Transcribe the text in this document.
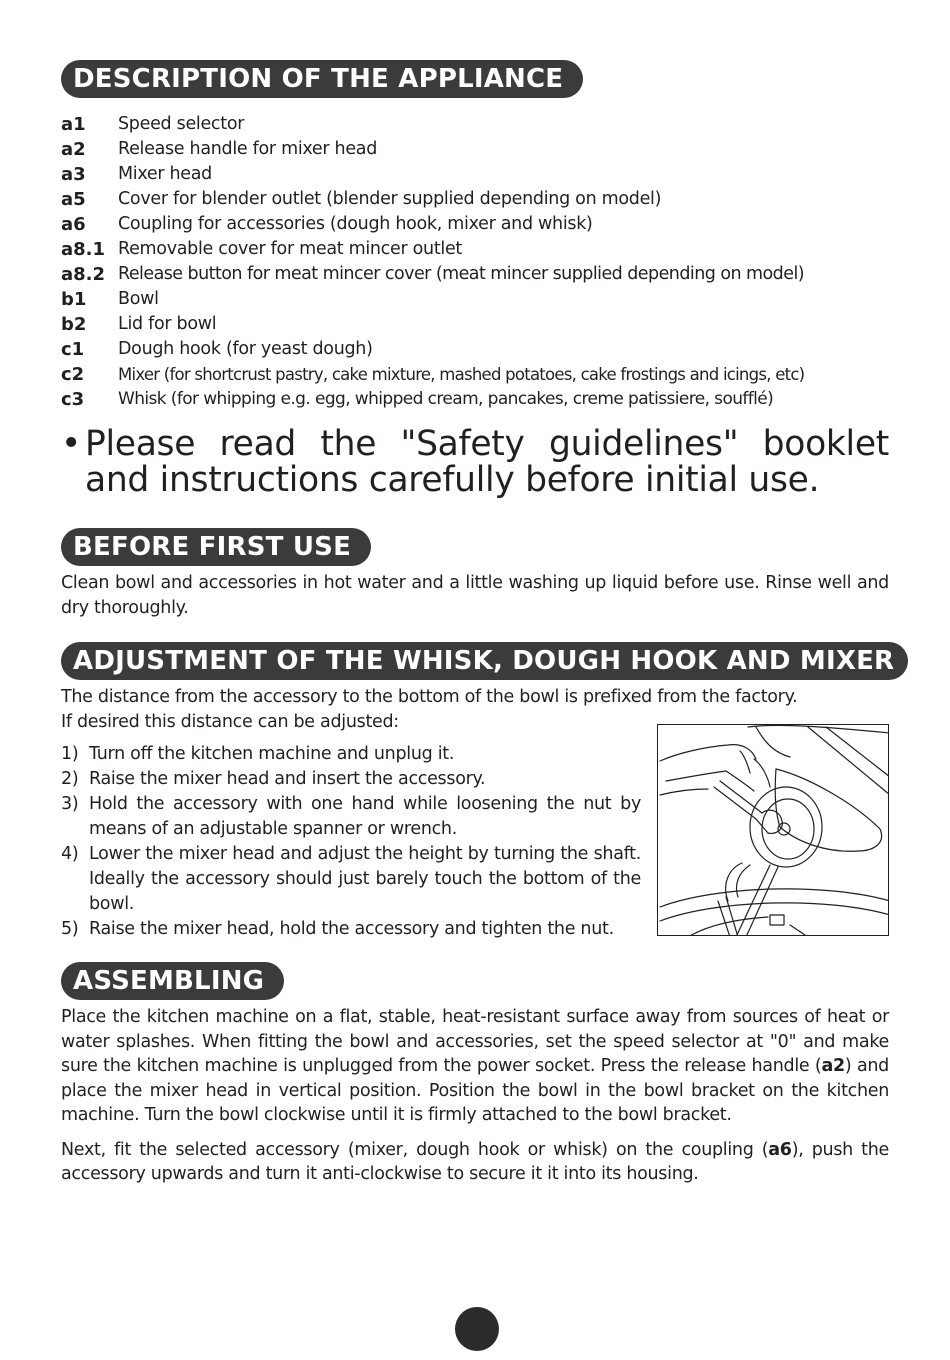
DESCRIPTION OF THE APPLIANCE
a1	Speed selector
a2	Release handle for mixer head
a3	Mixer head
a5	Cover for blender outlet (blender supplied depending on model)
a6	Coupling for accessories (dough hook, mixer and whisk)
a8.1 Removable cover for meat mincer outlet
a8.2 Release button for meat mincer cover (meat mincer supplied depending on model)
b1	Bowl
b2	Lid for bowl
c1	Dough hook (for yeast dough)
c2	Mixer (for shortcrust pastry, cake mixture, mashed potatoes, cake frostings and icings, etc)
c3	Whisk (for whipping e.g. egg, whipped cream, pancakes, creme patissiere, soufflé)

• Please read the "Safety guidelines" booklet and instructions carefully before initial use.

BEFORE FIRST USE

Clean bowl and accessories in hot water and a little washing up liquid before use. Rinse well and dry thoroughly.

ADJUSTMENT OF THE WHISK, DOUGH HOOK AND MIXER

The distance from the accessory to the bottom of the bowl is prefixed from the factory.

If desired this distance can be adjusted:

1) Turn off the kitchen machine and unplug it.
2) Raise the mixer head and insert the accessory.
3) Hold the accessory with one hand while loosening the nut by means of an adjustable spanner or wrench.
4) Lower the mixer head and adjust the height by turning the shaft. Ideally the accessory should just barely touch the bottom of the bowl.
5) Raise the mixer head, hold the accessory and tighten the nut.
ASSEMBLING

Place the kitchen machine on a flat, stable, heat-resistant surface away from sources of heat or water splashes. When fitting the bowl and accessories, set the speed selector at "0" and make sure the kitchen machine is unplugged from the power socket. Press the release handle (a2) and place the mixer head in vertical position. Position the bowl in the bowl bracket on the kitchen machine. Turn the bowl clockwise until it is firmly attached to the bowl bracket.

Next, fit the selected accessory (mixer, dough hook or whisk) on the coupling (a6), push the accessory upwards and turn it anti-clockwise to secure it it into its housing.
